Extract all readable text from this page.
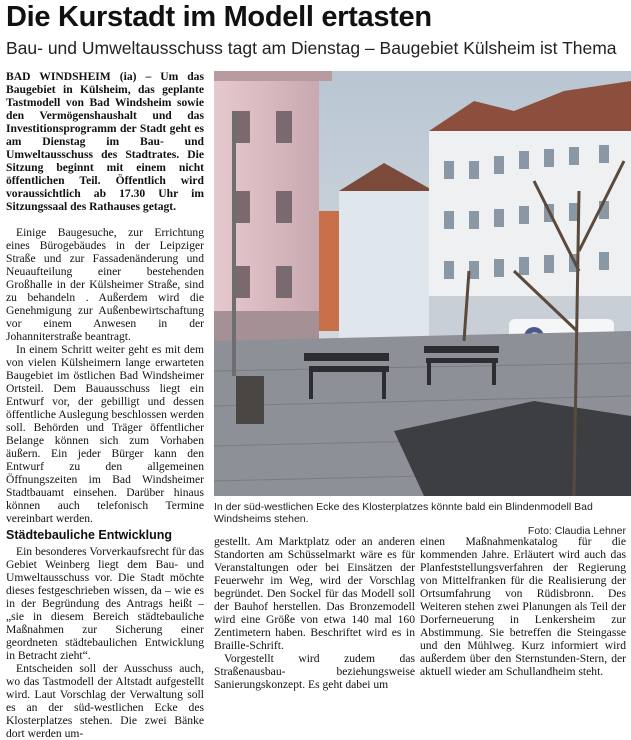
Die Kurstadt im Modell ertasten
Bau- und Umweltausschuss tagt am Dienstag – Baugebiet Külsheim ist Thema

BAD WINDSHEIM (ia) – Um das Baugebiet in Külsheim, das geplante Tastmodell von Bad Windsheim sowie den Vermögenshaushalt und das Investitionsprogramm der Stadt geht es am Dienstag im Bau- und Umweltausschuss des Stadtrates. Die Sitzung beginnt mit einem nicht öffentlichen Teil. Öffentlich wird voraussichtlich ab 17.30 Uhr im Sitzungssaal des Rathauses getagt.

Einige Baugesuche, zur Errichtung eines Bürogebäudes in der Leipziger Straße und zur Fassadenänderung und Neuaufteilung einer bestehenden Großhalle in der Külsheimer Straße, sind zu behandeln . Außerdem wird die Genehmigung zur Außenbewirtschaftung vor einem Anwesen in der Johanniterstraße beantragt.

In einem Schritt weiter geht es mit dem von vielen Külsheimern lange erwarteten Baugebiet im östlichen Bad Windsheimer Ortsteil. Dem Bauausschuss liegt ein Entwurf vor, der gebilligt und dessen öffentliche Auslegung beschlossen werden soll. Behörden und Träger öffentlicher Belange können sich zum Vorhaben äußern. Ein jeder Bürger kann den Entwurf zu den allgemeinen Öffnungszeiten im Bad Windsheimer Stadtbauamt einsehen. Darüber hinaus können auch telefonisch Termine vereinbart werden.

Städtebauliche Entwicklung

Ein besonderes Vorverkaufsrecht für das Gebiet Weinberg liegt dem Bau- und Umweltausschuss vor. Die Stadt möchte dieses festgeschrieben wissen, da – wie es in der Begründung des Antrags heißt – „sie in diesem Bereich städtebauliche Maßnahmen zur Sicherung einer geordneten städtebaulichen Entwicklung in Betracht zieht“.

Entscheiden soll der Ausschuss auch, wo das Tastmodell der Altstadt aufgestellt wird. Laut Vorschlag der Verwaltung soll es an der süd-westlichen Ecke des Klosterplatzes stehen. Die zwei Bänke dort werden um-

In der süd-westlichen Ecke des Klosterplatzes könnte bald ein Blindenmodell Bad Windsheims stehen.
Foto: Claudia Lehner

gestellt. Am Marktplatz oder an anderen Standorten am Schüsselmarkt wäre es für Veranstaltungen oder bei Einsätzen der Feuerwehr im Weg, wird der Vorschlag begründet. Den Sockel für das Modell soll der Bauhof herstellen. Das Bronzemodell wird eine Größe von etwa 140 mal 160 Zentimetern haben. Beschriftet wird es in Braille-Schrift.

Vorgestellt wird zudem das Straßenausbau- beziehungsweise Sanierungskonzept. Es geht dabei um

einen Maßnahmenkatalog für die kommenden Jahre. Erläutert wird auch das Planfeststellungsverfahren der Regierung von Mittelfranken für die Realisierung der Ortsumfahrung von Rüdisbronn. Des Weiteren stehen zwei Planungen als Teil der Dorferneuerung in Lenkersheim zur Abstimmung. Sie betreffen die Steingasse und den Mühlweg. Kurz informiert wird außerdem über den Sternstunden-Stern, der aktuell wieder am Schullandheim steht.
